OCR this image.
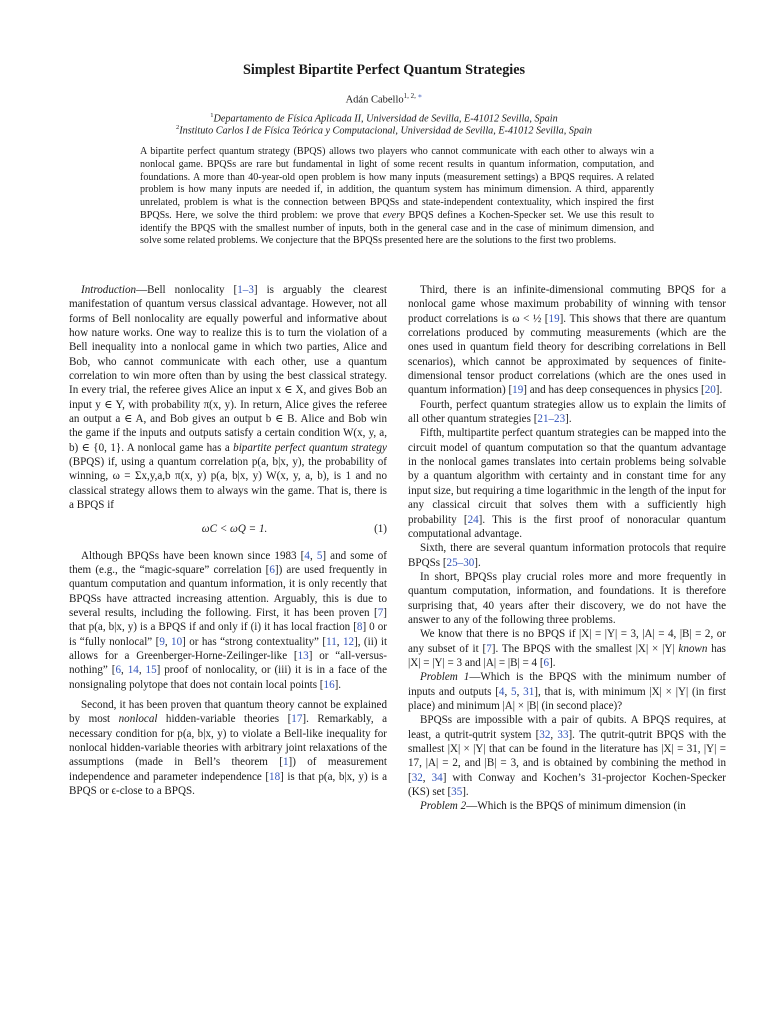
Simplest Bipartite Perfect Quantum Strategies
Adán Cabello$^{1, 2, ∗}$
$^1$Departamento de Física Aplicada II, Universidad de Sevilla, E-41012 Sevilla, Spain
$^2$Instituto Carlos I de Física Teórica y Computacional, Universidad de Sevilla, E-41012 Sevilla, Spain
A bipartite perfect quantum strategy (BPQS) allows two players who cannot communicate with each other to always win a nonlocal game. BPQSs are rare but fundamental in light of some recent results in quantum information, computation, and foundations. A more than 40-year-old open problem is how many inputs (measurement settings) a BPQS requires. A related problem is how many inputs are needed if, in addition, the quantum system has minimum dimension. A third, apparently unrelated, problem is what is the connection between BPQSs and state-independent contextuality, which inspired the first BPQSs. Here, we solve the third problem: we prove that every BPQS defines a Kochen-Specker set. We use this result to identify the BPQS with the smallest number of inputs, both in the general case and in the case of minimum dimension, and solve some related problems. We conjecture that the BPQSs presented here are the solutions to the first two problems.

Introduction—Bell nonlocality [1–3] is arguably the clearest manifestation of quantum versus classical advantage. However, not all forms of Bell nonlocality are equally powerful and informative about how nature works. One way to realize this is to turn the violation of a Bell inequality into a nonlocal game in which two parties, Alice and Bob, who cannot communicate with each other, use a quantum correlation to win more often than by using the best classical strategy. In every trial, the referee gives Alice an input x ∈ X, and gives Bob an input y ∈ Y, with probability π(x, y). In return, Alice gives the referee an output a ∈ A, and Bob gives an output b ∈ B. Alice and Bob win the game if the inputs and outputs satisfy a certain condition W(x, y, a, b) ∈ {0, 1}. A nonlocal game has a bipartite perfect quantum strategy (BPQS) if, using a quantum correlation p(a, b|x, y), the probability of winning, ω = Σx,y,a,b π(x, y) p(a, b|x, y) W(x, y, a, b), is 1 and no classical strategy allows them to always win the game. That is, there is a BPQS if

ωC < ωQ = 1.	(1)

Although BPQSs have been known since 1983 [4, 5] and some of them (e.g., the “magic-square” correlation [6]) are used frequently in quantum computation and quantum information, it is only recently that BPQSs have attracted increasing attention. Arguably, this is due to several results, including the following. First, it has been proven [7] that p(a, b|x, y) is a BPQS if and only if (i) it has local fraction [8] 0 or is “fully nonlocal” [9, 10] or has “strong contextuality” [11, 12], (ii) it allows for a Greenberger-Horne-Zeilinger-like [13] or “all-versus-nothing” [6, 14, 15] proof of nonlocality, or (iii) it is in a face of the nonsignaling polytope that does not contain local points [16].

Second, it has been proven that quantum theory cannot be explained by most nonlocal hidden-variable theories [17]. Remarkably, a necessary condition for p(a, b|x, y) to violate a Bell-like inequality for nonlocal hidden-variable theories with arbitrary joint relaxations of the assumptions (made in Bell’s theorem [1]) of measurement independence and parameter independence [18] is that p(a, b|x, y) is a BPQS or ϵ-close to a BPQS.

Third, there is an infinite-dimensional commuting BPQS for a nonlocal game whose maximum probability of winning with tensor product correlations is ω < ½ [19]. This shows that there are quantum correlations produced by commuting measurements (which are the ones used in quantum field theory for describing correlations in Bell scenarios), which cannot be approximated by sequences of finite-dimensional tensor product correlations (which are the ones used in quantum information) [19] and has deep consequences in physics [20].

Fourth, perfect quantum strategies allow us to explain the limits of all other quantum strategies [21–23].

Fifth, multipartite perfect quantum strategies can be mapped into the circuit model of quantum computation so that the quantum advantage in the nonlocal games translates into certain problems being solvable by a quantum algorithm with certainty and in constant time for any input size, but requiring a time logarithmic in the length of the input for any classical circuit that solves them with a sufficiently high probability [24]. This is the first proof of nonoracular quantum computational advantage.

Sixth, there are several quantum information protocols that require BPQSs [25–30].

In short, BPQSs play crucial roles more and more frequently in quantum computation, information, and foundations. It is therefore surprising that, 40 years after their discovery, we do not have the answer to any of the following three problems.

We know that there is no BPQS if |X| = |Y| = 3, |A| = 4, |B| = 2, or any subset of it [7]. The BPQS with the smallest |X| × |Y| known has |X| = |Y| = 3 and |A| = |B| = 4 [6].

Problem 1—Which is the BPQS with the minimum number of inputs and outputs [4, 5, 31], that is, with minimum |X| × |Y| (in first place) and minimum |A| × |B| (in second place)?

BPQSs are impossible with a pair of qubits. A BPQS requires, at least, a qutrit-qutrit system [32, 33]. The qutrit-qutrit BPQS with the smallest |X| × |Y| that can be found in the literature has |X| = 31, |Y| = 17, |A| = 2, and |B| = 3, and is obtained by combining the method in [32, 34] with Conway and Kochen’s 31-projector Kochen-Specker (KS) set [35].

Problem 2—Which is the BPQS of minimum dimension (in
